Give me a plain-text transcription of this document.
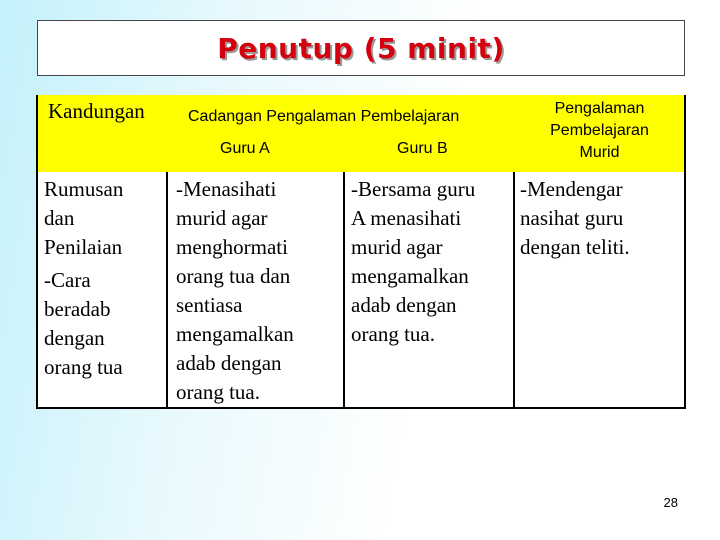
Penutup (5 minit)
Kandungan	Cadangan Pengalaman Pembelajaran
Guru A	Guru B
Pengalaman
Pembelajaran
Murid
Rumusan
dan
Penilaian
-Cara
beradab
dengan
orang tua
-Menasihati
murid agar
menghormati
orang tua dan
sentiasa
mengamalkan
adab dengan
orang tua.
-Bersama guru
A menasihati
murid agar
mengamalkan
adab dengan
orang tua.
-Mendengar
nasihat guru
dengan teliti.
28
